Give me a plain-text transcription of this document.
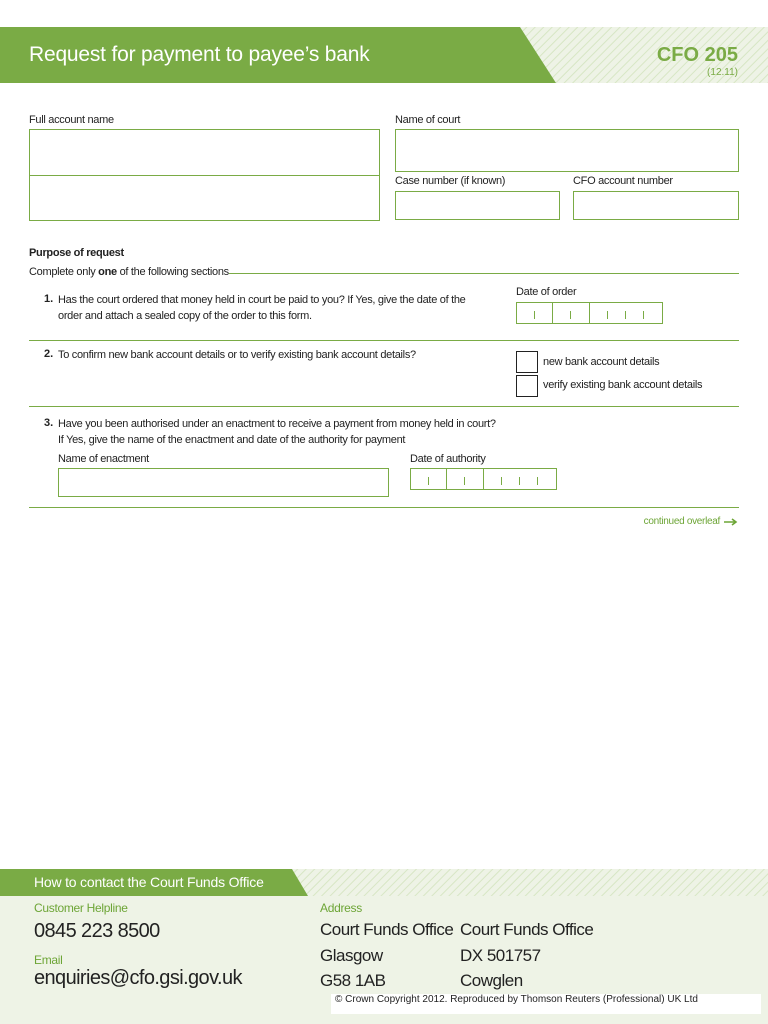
Request for payment to payee’s bank	CFO 205
(12.11)
Full account name	Name of court
Case number (if known)	CFO account number
Purpose of request
Complete only one of the following sections
1. Has the court ordered that money held in court be paid to you? If Yes, give the date of the
order and attach a sealed copy of the order to this form.
Date of order
2. To confirm new bank account details or to verify existing bank account details?
new bank account details
verify existing bank account details
3. Have you been authorised under an enactment to receive a payment from money held in court?
If Yes, give the name of the enactment and date of the authority for payment
Name of enactment	Date of authority
continued overleaf
How to contact the Court Funds Office
Customer Helpline
0845 223 8500
Email
enquiries@cfo.gsi.gov.uk
Address
Court Funds Office
Glasgow
G58 1AB
Court Funds Office
DX 501757
Cowglen
© Crown Copyright 2012. Reproduced by Thomson Reuters (Professional) UK Ltd
